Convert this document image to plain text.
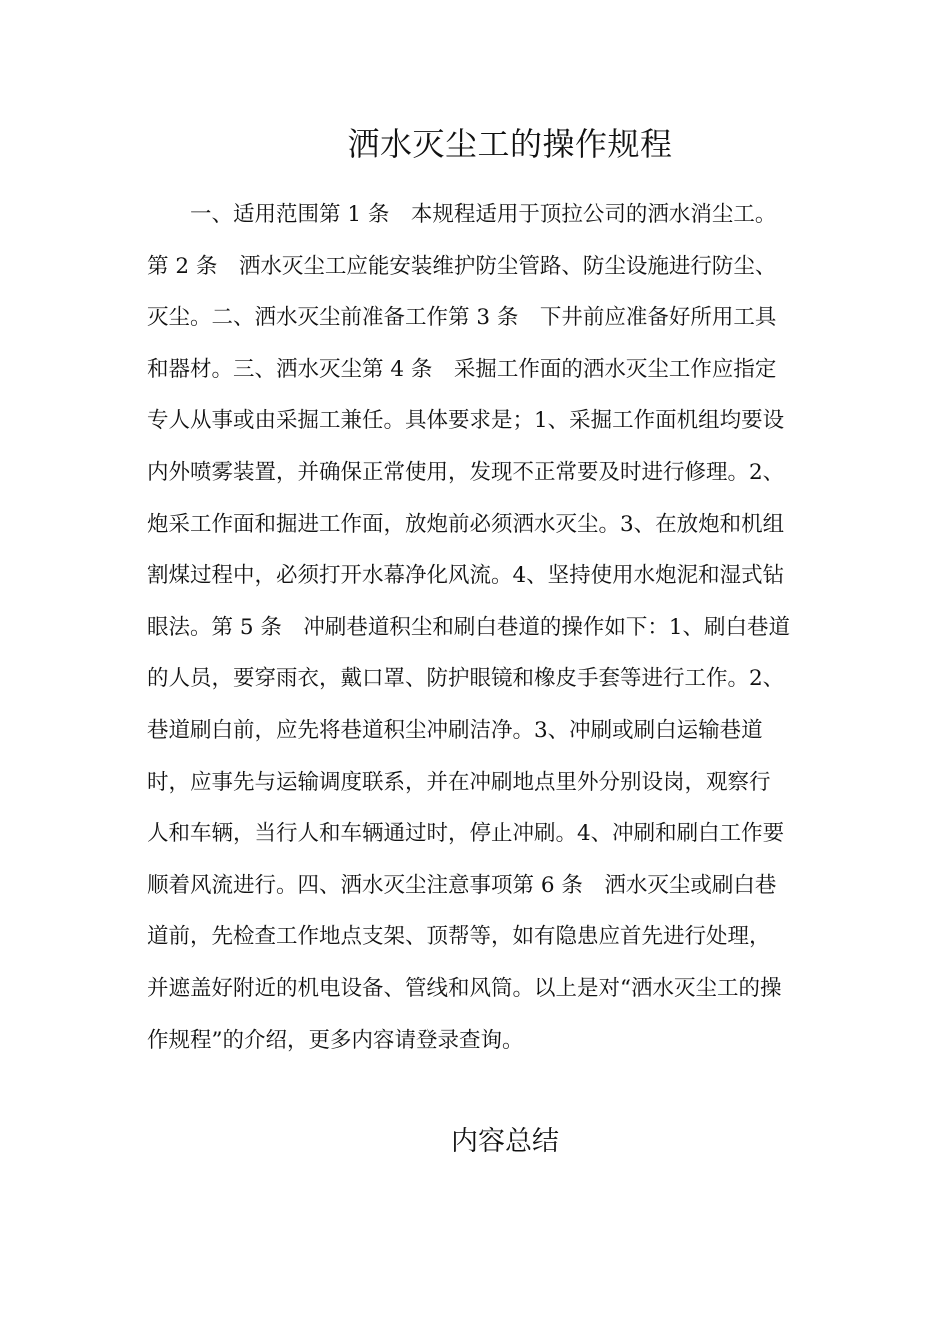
洒水灭尘工的操作规程
一、适用范围第 1 条　本规程适用于顶拉公司的洒水消尘工。
第 2 条　洒水灭尘工应能安装维护防尘管路、防尘设施进行防尘、
灭尘。二、洒水灭尘前准备工作第 3 条　下井前应准备好所用工具
和器材。三、洒水灭尘第 4 条　采掘工作面的洒水灭尘工作应指定
专人从事或由采掘工兼任。具体要求是；1、采掘工作面机组均要设
内外喷雾装置，并确保正常使用，发现不正常要及时进行修理。2、
炮采工作面和掘进工作面，放炮前必须洒水灭尘。3、在放炮和机组
割煤过程中，必须打开水幕净化风流。4、坚持使用水炮泥和湿式钻
眼法。第 5 条　冲刷巷道积尘和刷白巷道的操作如下：1、刷白巷道
的人员，要穿雨衣，戴口罩、防护眼镜和橡皮手套等进行工作。2、
巷道刷白前，应先将巷道积尘冲刷洁净。3、冲刷或刷白运输巷道
时，应事先与运输调度联系，并在冲刷地点里外分别设岗，观察行
人和车辆，当行人和车辆通过时，停止冲刷。4、冲刷和刷白工作要
顺着风流进行。四、洒水灭尘注意事项第 6 条　洒水灭尘或刷白巷
道前，先检查工作地点支架、顶帮等，如有隐患应首先进行处理，
并遮盖好附近的机电设备、管线和风筒。以上是对“洒水灭尘工的操
作规程”的介绍，更多内容请登录查询。
内容总结
